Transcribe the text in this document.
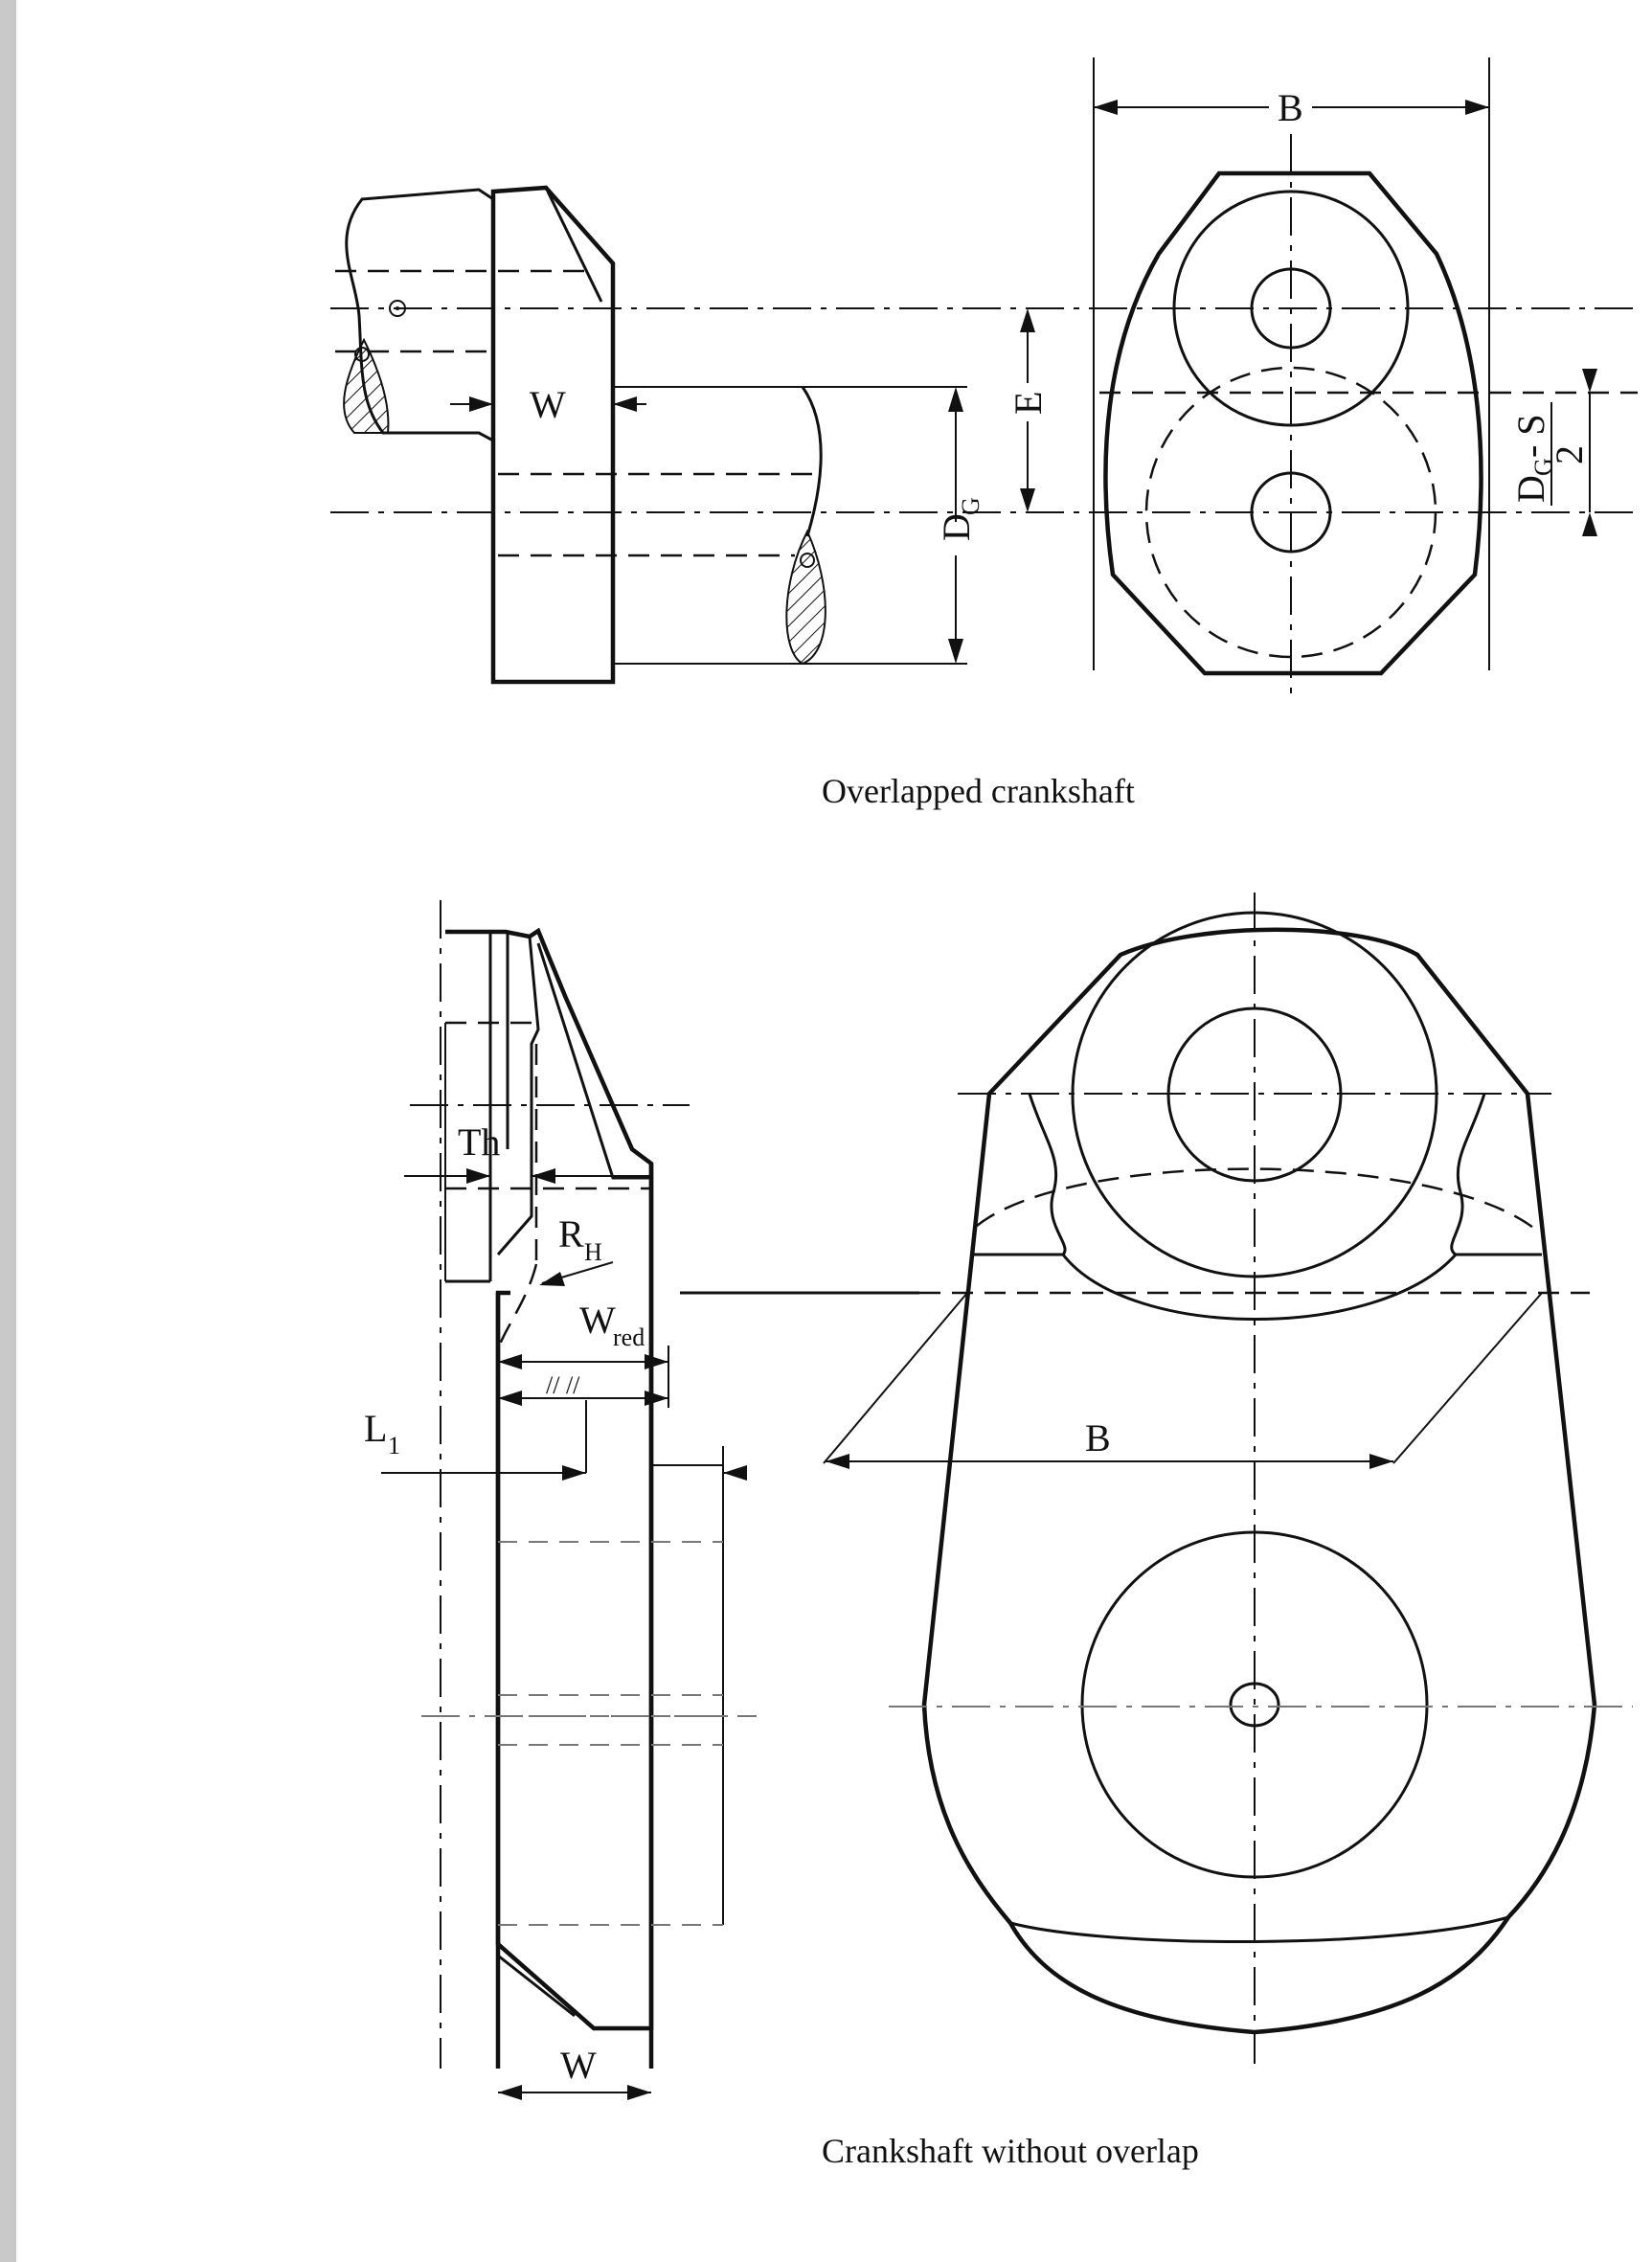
W
D
G
E
B
D
G
- S
2
Overlapped crankshaft
Th
R H
W
red
// //
L 1
W
B
Crankshaft without overlap
